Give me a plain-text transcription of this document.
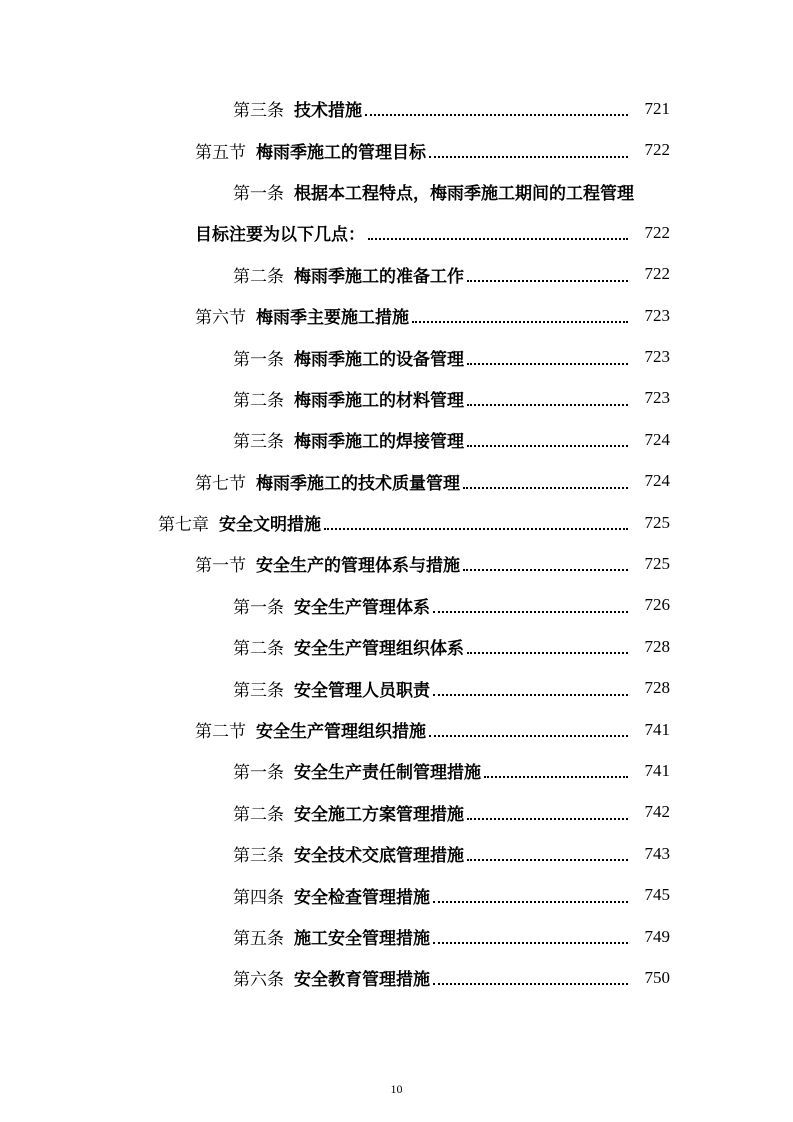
第三条 技术措施	721
第五节 梅雨季施工的管理目标	722
第一条 根据本工程特点，梅雨季施工期间的工程管理
目标注要为以下几点：	722
第二条 梅雨季施工的准备工作	722
第六节 梅雨季主要施工措施	723
第一条 梅雨季施工的设备管理	723
第二条 梅雨季施工的材料管理	723
第三条 梅雨季施工的焊接管理	724
第七节 梅雨季施工的技术质量管理	724
第七章 安全文明措施	725
第一节 安全生产的管理体系与措施	725
第一条 安全生产管理体系	726
第二条 安全生产管理组织体系	728
第三条 安全管理人员职责	728
第二节 安全生产管理组织措施	741
第一条 安全生产责任制管理措施	741
第二条 安全施工方案管理措施	742
第三条 安全技术交底管理措施	743
第四条 安全检查管理措施	745
第五条 施工安全管理措施	749
第六条 安全教育管理措施	750
10
